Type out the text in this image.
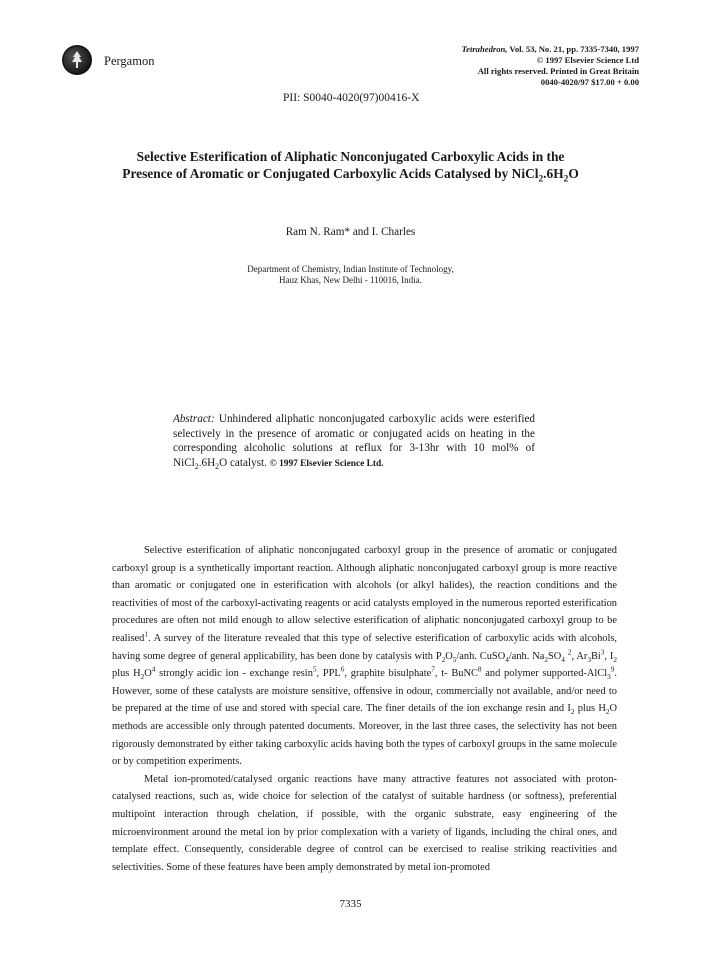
Pergamon
Tetrahedron, Vol. 53, No. 21, pp. 7335-7340, 1997
© 1997 Elsevier Science Ltd
All rights reserved. Printed in Great Britain
0040-4020/97 $17.00 + 0.00
PII: S0040-4020(97)00416-X
Selective Esterification of Aliphatic Nonconjugated Carboxylic Acids in the
Presence of Aromatic or Conjugated Carboxylic Acids Catalysed by $NiCl_2.6H_2O$
Ram N. Ram* and I. Charles
Department of Chemistry, Indian Institute of Technology,
Hauz Khas, New Delhi - 110016, India.
Abstract: Unhindered aliphatic nonconjugated carboxylic acids were esterified selectively in the presence of aromatic or conjugated acids on heating in the corresponding alcoholic solutions at reflux for 3-13hr with 10 mol% of $NiCl_2.6H_2O$ catalyst. © 1997 Elsevier Science Ltd.

Selective esterification of aliphatic nonconjugated carboxyl group in the presence of aromatic or conjugated carboxyl group is a synthetically important reaction. Although aliphatic nonconjugated carboxyl group is more reactive than aromatic or conjugated one in esterification with alcohols (or alkyl halides), the reaction conditions and the reactivities of most of the carboxyl-activating reagents or acid catalysts employed in the numerous reported esterification procedures are often not mild enough to allow selective esterification of aliphatic nonconjugated carboxyl group to be realised$^1$. A survey of the literature revealed that this type of selective esterification of carboxylic acids with alcohols, having some degree of general applicability, has been done by catalysis with $P_2O_5$/anh. CuSO$_4$/anh. $Na_2SO_4$ $^2$, $Ar_3Bi^3$, $I_2$ plus $H_2O^4$ strongly acidic ion - exchange resin$^5$, PPL$^6$, graphite bisulphate$^7$, t- BuNC$^8$ and polymer supported-AlCl$_3^9$. However, some of these catalysts are moisture sensitive, offensive in odour, commercially not available, and/or need to be prepared at the time of use and stored with special care. The finer details of the ion exchange resin and $I_2$ plus $H_2O$ methods are accessible only through patented documents. Moreover, in the last three cases, the selectivity has not been rigorously demonstrated by either taking carboxylic acids having both the types of carboxyl groups in the same molecule or by competition experiments.

Metal ion-promoted/catalysed organic reactions have many attractive features not associated with proton-catalysed reactions, such as, wide choice for selection of the catalyst of suitable hardness (or softness), preferential multipoint interaction through chelation, if possible, with the organic substrate, easy engineering of the microenvironment around the metal ion by prior complexation with a variety of ligands, including the chiral ones, and template effect. Consequently, considerable degree of control can be exercised to realise striking reactivities and selectivities. Some of these features have been amply demonstrated by metal ion-promoted

7335
